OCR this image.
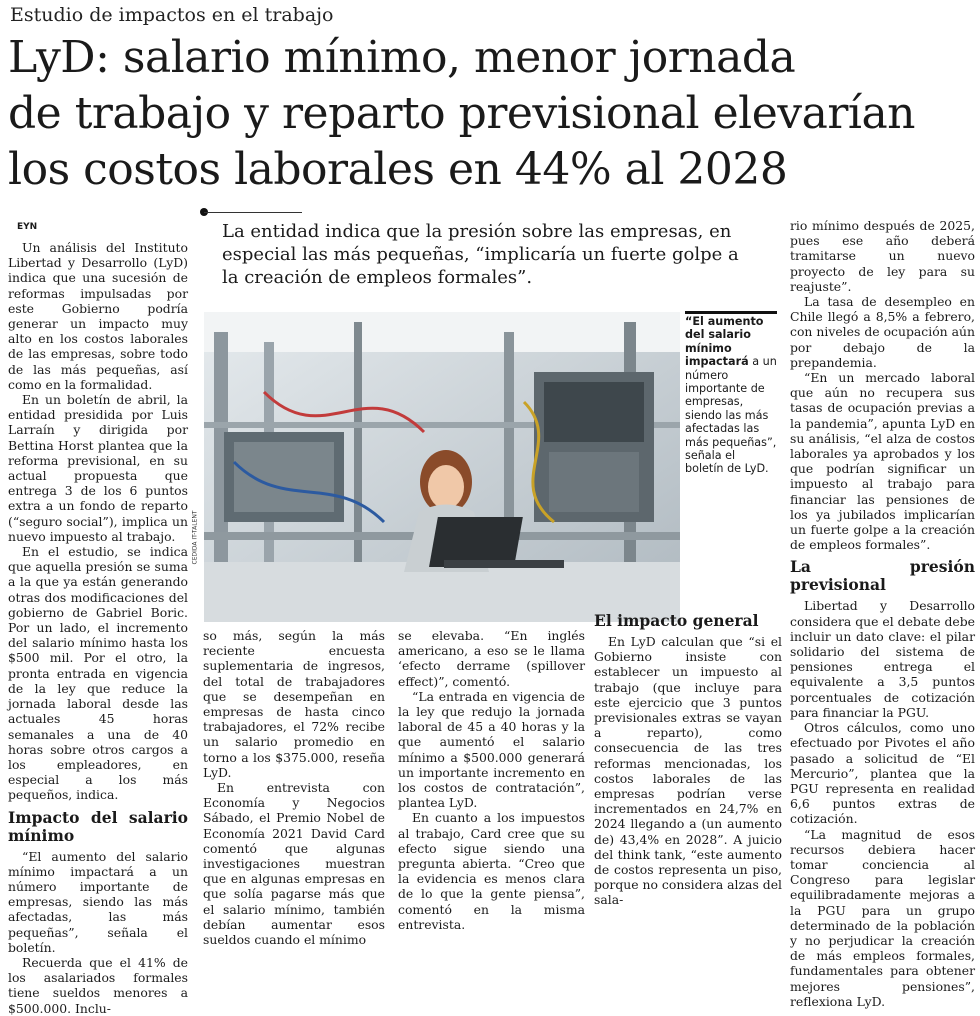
Estudio de impactos en el trabajo
LyD: salario mínimo, menor jornada
de trabajo y reparto previsional elevarían
los costos laborales en 44% al 2028
EYN	La entidad indica que la presión sobre las empresas, en especial las más pequeñas, “implicaría un fuerte golpe a la creación de empleos formales”.

Un análisis del Instituto Libertad y Desarrollo (LyD) indica que una sucesión de reformas impulsadas por este Gobierno podría generar un impacto muy alto en los costos laborales de las empresas, sobre todo de las más pequeñas, así como en la formalidad.

En un boletín de abril, la entidad presidida por Luis Larraín y dirigida por Bettina Horst plantea que la reforma previsional, en su actual propuesta que entrega 3 de los 6 puntos extra a un fondo de reparto (“seguro social”), implica un nuevo impuesto al trabajo.

En el estudio, se indica que aquella presión se suma a la que ya están generando otras dos modificaciones del gobierno de Gabriel Boric. Por un lado, el incremento del salario mínimo hasta los $500 mil. Por el otro, la pronta entrada en vigencia de la ley que reduce la jornada laboral desde las actuales 45 horas semanales a una de 40 horas sobre otros cargos a los empleadores, en especial a los más pequeños, indica.

Impacto del salario mínimo

“El aumento del salario mínimo impactará a un número importante de empresas, siendo las más afectadas, las más pequeñas”, señala el boletín.

Recuerda que el 41% de los asalariados formales tiene sueldos menores a $500.000. Inclu-

CEDIDA IT-TALENT
“El aumento del salario mínimo impactará a un número importante de empresas, siendo las más afectadas las más pequeñas”, señala el boletín de LyD.

so más, según la más reciente encuesta suplementaria de ingresos, del total de trabajadores que se desempeñan en empresas de hasta cinco trabajadores, el 72% recibe un salario promedio en torno a los $375.000, reseña LyD.

En entrevista con Economía y Negocios Sábado, el Premio Nobel de Economía 2021 David Card comentó que algunas investigaciones muestran que en algunas empresas en que solía pagarse más que el salario mínimo, también debían aumentar esos sueldos cuando el mínimo

se elevaba. “En inglés americano, a eso se le llama ‘efecto derrame (spillover effect)”, comentó.

“La entrada en vigencia de la ley que redujo la jornada laboral de 45 a 40 horas y la que aumentó el salario mínimo a $500.000 generará un importante incremento en los costos de contratación”, plantea LyD.

En cuanto a los impuestos al trabajo, Card cree que su efecto sigue siendo una pregunta abierta. “Creo que la evidencia es menos clara de lo que la gente piensa”, comentó en la misma entrevista.

El impacto general

En LyD calculan que “si el Gobierno insiste con establecer un impuesto al trabajo (que incluye para este ejercicio que 3 puntos previsionales extras se vayan a reparto), como consecuencia de las tres reformas mencionadas, los costos laborales de las empresas podrían verse incrementados en 24,7% en 2024 llegando a (un aumento de) 43,4% en 2028”. A juicio del think tank, “este aumento de costos representa un piso, porque no considera alzas del sala-

rio mínimo después de 2025, pues ese año deberá tramitarse un nuevo proyecto de ley para su reajuste”.

La tasa de desempleo en Chile llegó a 8,5% a febrero, con niveles de ocupación aún por debajo de la prepandemia.

“En un mercado laboral que aún no recupera sus tasas de ocupación previas a la pandemia”, apunta LyD en su análisis, “el alza de costos laborales ya aprobados y los que podrían significar un impuesto al trabajo para financiar las pensiones de los ya jubilados implicarían un fuerte golpe a la creación de empleos formales”.

La presión previsional

Libertad y Desarrollo considera que el debate debe incluir un dato clave: el pilar solidario del sistema de pensiones entrega el equivalente a 3,5 puntos porcentuales de cotización para financiar la PGU.

Otros cálculos, como uno efectuado por Pivotes el año pasado a solicitud de “El Mercurio”, plantea que la PGU representa en realidad 6,6 puntos extras de cotización.

“La magnitud de esos recursos debiera hacer tomar conciencia al Congreso para legislar equilibradamente mejoras a la PGU para un grupo determinado de la población y no perjudicar la creación de más empleos formales, fundamentales para obtener mejores pensiones”, reflexiona LyD.
